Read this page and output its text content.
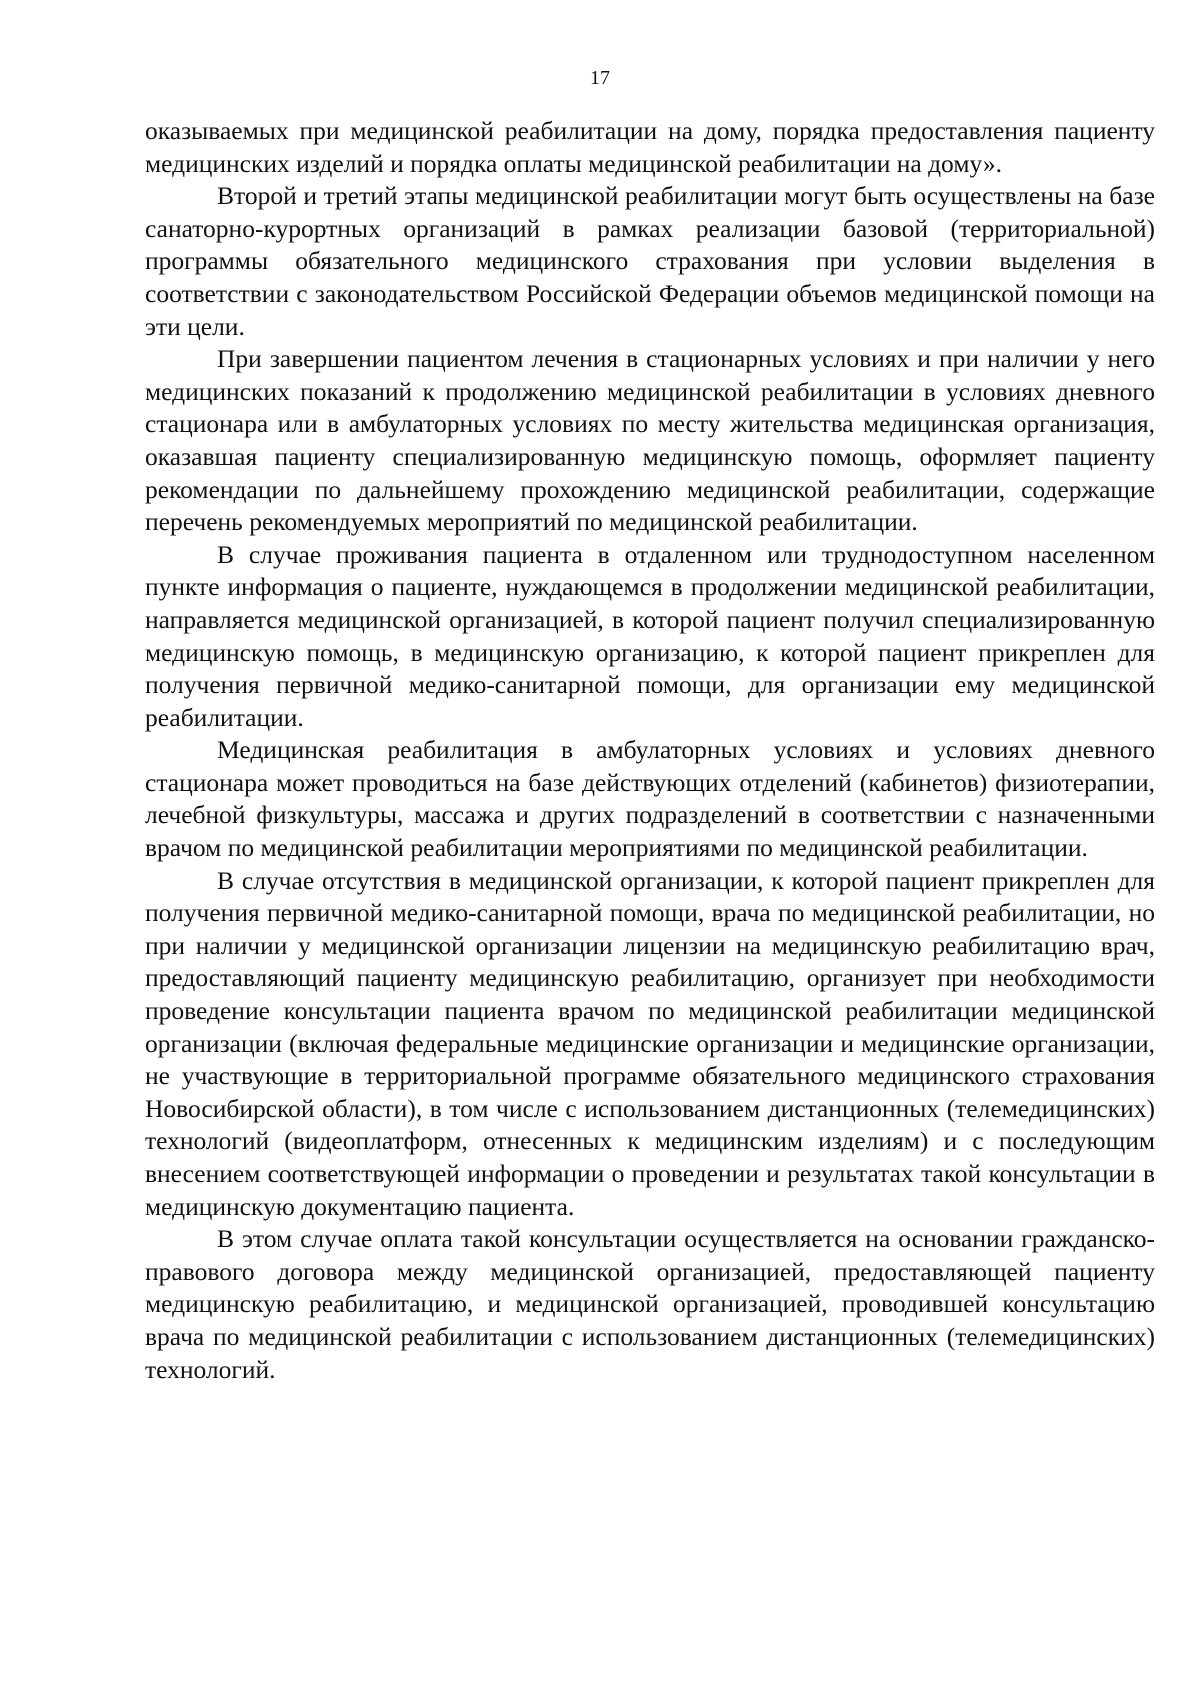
17

оказываемых при медицинской реабилитации на дому, порядка предоставления пациенту медицинских изделий и порядка оплаты медицинской реабилитации на дому».

Второй и третий этапы медицинской реабилитации могут быть осуществлены на базе санаторно-курортных организаций в рамках реализации базовой (территориальной) программы обязательного медицинского страхования при условии выделения в соответствии с законодательством Российской Федерации объемов медицинской помощи на эти цели.

При завершении пациентом лечения в стационарных условиях и при наличии у него медицинских показаний к продолжению медицинской реабилитации в условиях дневного стационара или в амбулаторных условиях по месту жительства медицинская организация, оказавшая пациенту специализированную медицинскую помощь, оформляет пациенту рекомендации по дальнейшему прохождению медицинской реабилитации, содержащие перечень рекомендуемых мероприятий по медицинской реабилитации.

В случае проживания пациента в отдаленном или труднодоступном населенном пункте информация о пациенте, нуждающемся в продолжении медицинской реабилитации, направляется медицинской организацией, в которой пациент получил специализированную медицинскую помощь, в медицинскую организацию, к которой пациент прикреплен для получения первичной медико-санитарной помощи, для организации ему медицинской реабилитации.

Медицинская реабилитация в амбулаторных условиях и условиях дневного стационара может проводиться на базе действующих отделений (кабинетов) физиотерапии, лечебной физкультуры, массажа и других подразделений в соответствии с назначенными врачом по медицинской реабилитации мероприятиями по медицинской реабилитации.

В случае отсутствия в медицинской организации, к которой пациент прикреплен для получения первичной медико-санитарной помощи, врача по медицинской реабилитации, но при наличии у медицинской организации лицензии на медицинскую реабилитацию врач, предоставляющий пациенту медицинскую реабилитацию, организует при необходимости проведение консультации пациента врачом по медицинской реабилитации медицинской организации (включая федеральные медицинские организации и медицинские организации, не участвующие в территориальной программе обязательного медицинского страхования Новосибирской области), в том числе с использованием дистанционных (телемедицинских) технологий (видеоплатформ, отнесенных к медицинским изделиям) и с последующим внесением соответствующей информации о проведении и результатах такой консультации в медицинскую документацию пациента.

В этом случае оплата такой консультации осуществляется на основании гражданско-правового договора между медицинской организацией, предоставляющей пациенту медицинскую реабилитацию, и медицинской организацией, проводившей консультацию врача по медицинской реабилитации с использованием дистанционных (телемедицинских) технологий.
